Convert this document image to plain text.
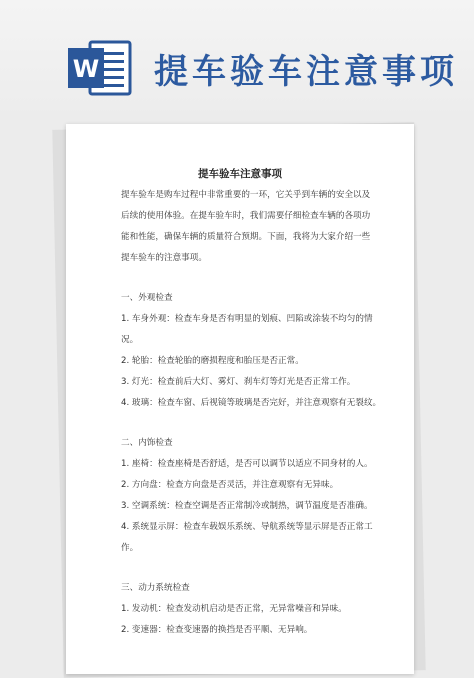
W 提车验车注意事项
提车验车注意事项
提车验车是购车过程中非常重要的一环，它关乎到车辆的安全以及
后续的使用体验。在提车验车时，我们需要仔细检查车辆的各项功
能和性能，确保车辆的质量符合预期。下面，我将为大家介绍一些
提车验车的注意事项。
一、外观检查
1. 车身外观：检查车身是否有明显的划痕、凹陷或涂装不均匀的情
况。
2. 轮胎：检查轮胎的磨损程度和胎压是否正常。
3. 灯光：检查前后大灯、雾灯、刹车灯等灯光是否正常工作。
4. 玻璃：检查车窗、后视镜等玻璃是否完好，并注意观察有无裂纹。
二、内饰检查
1. 座椅：检查座椅是否舒适，是否可以调节以适应不同身材的人。
2. 方向盘：检查方向盘是否灵活，并注意观察有无异味。
3. 空调系统：检查空调是否正常制冷或制热，调节温度是否准确。
4. 系统显示屏：检查车载娱乐系统、导航系统等显示屏是否正常工
作。
三、动力系统检查
1. 发动机：检查发动机启动是否正常，无异常噪音和异味。
2. 变速器：检查变速器的换挡是否平顺、无异响。
